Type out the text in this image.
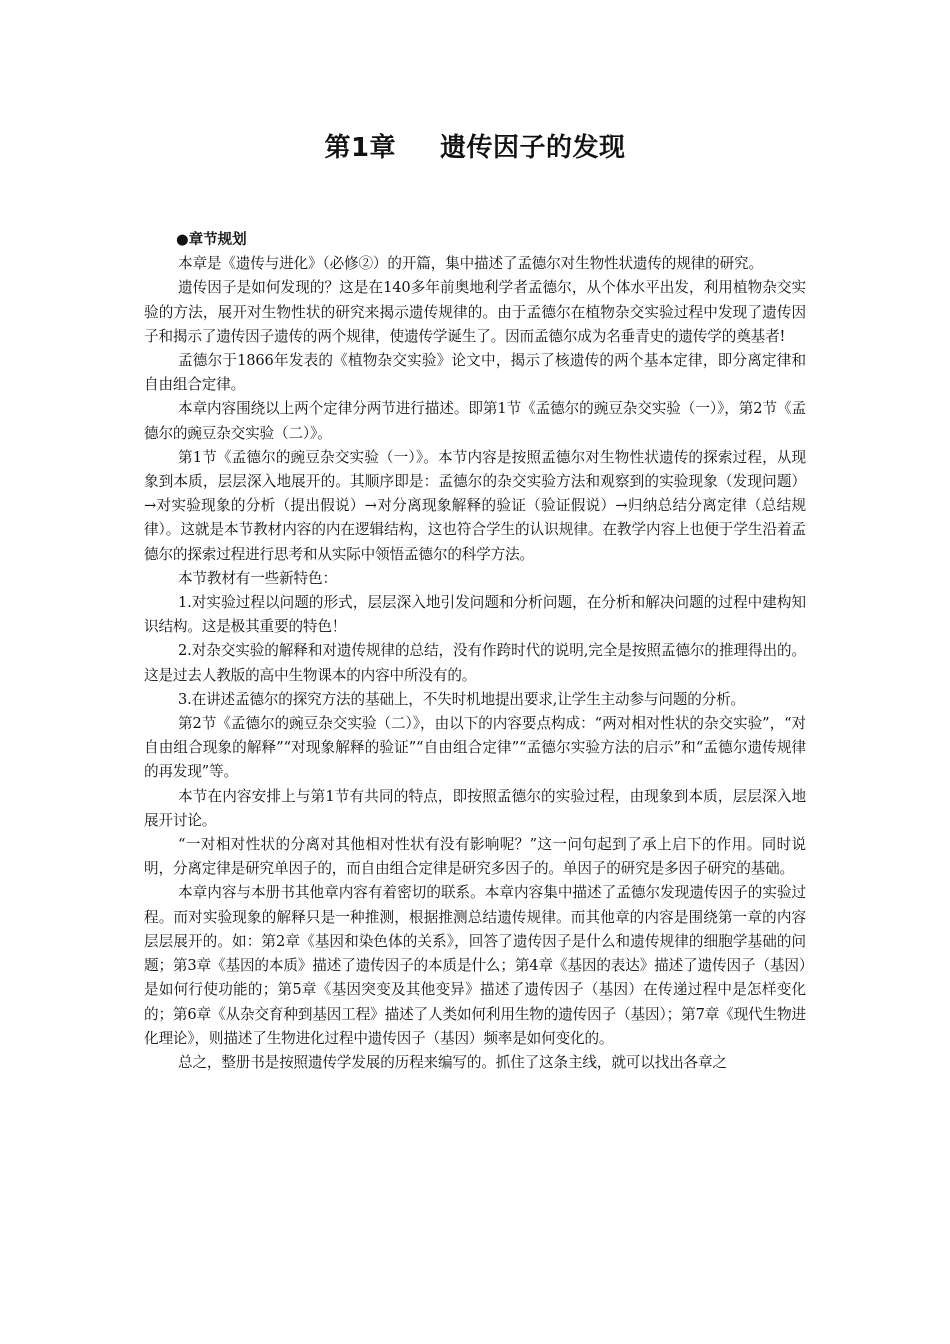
第1章 遗传因子的发现

●章节规划

本章是《遗传与进化》（必修②）的开篇，集中描述了孟德尔对生物性状遗传的规律的研究。

遗传因子是如何发现的？这是在140多年前奥地利学者孟德尔，从个体水平出发，利用植物杂交实验的方法，展开对生物性状的研究来揭示遗传规律的。由于孟德尔在植物杂交实验过程中发现了遗传因子和揭示了遗传因子遗传的两个规律，使遗传学诞生了。因而孟德尔成为名垂青史的遗传学的奠基者!

孟德尔于1866年发表的《植物杂交实验》论文中，揭示了核遗传的两个基本定律，即分离定律和自由组合定律。

本章内容围绕以上两个定律分两节进行描述。即第1节《孟德尔的豌豆杂交实验（一）》，第2节《孟德尔的豌豆杂交实验（二）》。

第1节《孟德尔的豌豆杂交实验（一）》。本节内容是按照孟德尔对生物性状遗传的探索过程，从现象到本质，层层深入地展开的。其顺序即是：孟德尔的杂交实验方法和观察到的实验现象（发现问题）→对实验现象的分析（提出假说）→对分离现象解释的验证（验证假说）→归纳总结分离定律（总结规律）。这就是本节教材内容的内在逻辑结构，这也符合学生的认识规律。在教学内容上也便于学生沿着孟德尔的探索过程进行思考和从实际中领悟孟德尔的科学方法。

本节教材有一些新特色：

1.对实验过程以问题的形式，层层深入地引发问题和分析问题，在分析和解决问题的过程中建构知识结构。这是极其重要的特色！

2.对杂交实验的解释和对遗传规律的总结，没有作跨时代的说明,完全是按照孟德尔的推理得出的。这是过去人教版的高中生物课本的内容中所没有的。

3.在讲述孟德尔的探究方法的基础上，不失时机地提出要求,让学生主动参与问题的分析。

第2节《孟德尔的豌豆杂交实验（二）》，由以下的内容要点构成：“两对相对性状的杂交实验”，“对自由组合现象的解释”“对现象解释的验证”“自由组合定律”“孟德尔实验方法的启示”和“孟德尔遗传规律的再发现”等。

本节在内容安排上与第1节有共同的特点，即按照孟德尔的实验过程，由现象到本质，层层深入地展开讨论。

“一对相对性状的分离对其他相对性状有没有影响呢？”这一问句起到了承上启下的作用。同时说明，分离定律是研究单因子的，而自由组合定律是研究多因子的。单因子的研究是多因子研究的基础。

本章内容与本册书其他章内容有着密切的联系。本章内容集中描述了孟德尔发现遗传因子的实验过程。而对实验现象的解释只是一种推测，根据推测总结遗传规律。而其他章的内容是围绕第一章的内容层层展开的。如：第2章《基因和染色体的关系》，回答了遗传因子是什么和遗传规律的细胞学基础的问题；第3章《基因的本质》描述了遗传因子的本质是什么；第4章《基因的表达》描述了遗传因子（基因）是如何行使功能的；第5章《基因突变及其他变异》描述了遗传因子（基因）在传递过程中是怎样变化的；第6章《从杂交育种到基因工程》描述了人类如何利用生物的遗传因子（基因）；第7章《现代生物进化理论》，则描述了生物进化过程中遗传因子（基因）频率是如何变化的。

总之，整册书是按照遗传学发展的历程来编写的。抓住了这条主线，就可以找出各章之
